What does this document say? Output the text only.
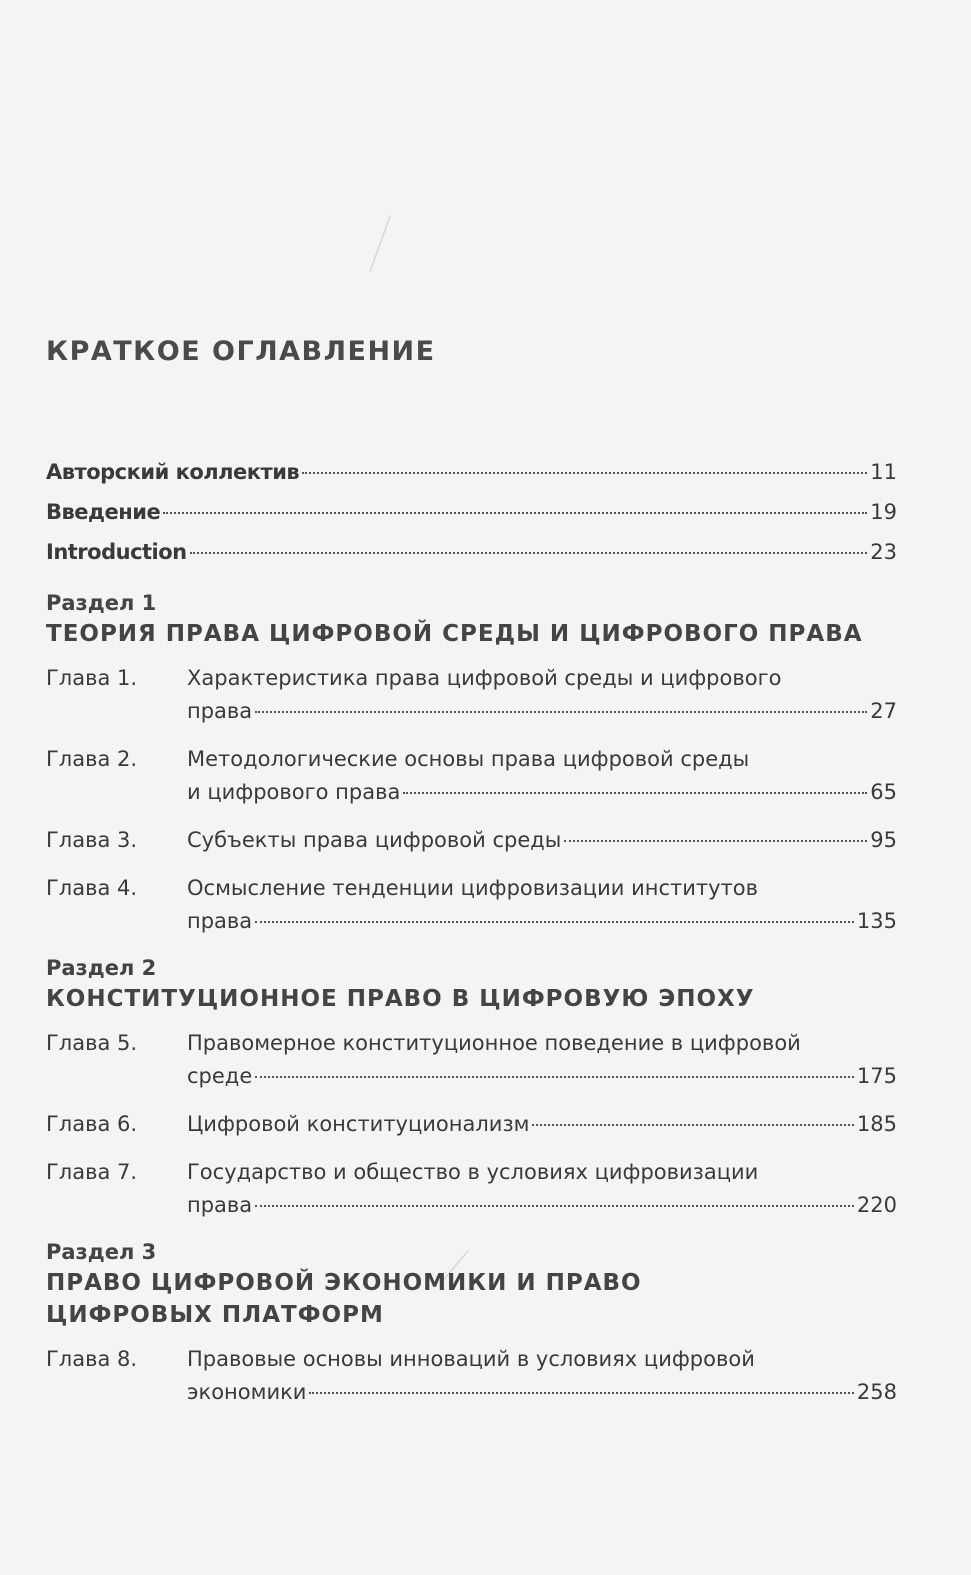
КРАТКОЕ ОГЛАВЛЕНИЕ
Авторский коллектив	11
Введение	19
Introduction	23
Раздел 1
ТЕОРИЯ ПРАВА ЦИФРОВОЙ СРЕДЫ И ЦИФРОВОГО ПРАВА
Глава 1.	Характеристика права цифровой среды и цифрового
права	27
Глава 2.	Методологические основы права цифровой среды
и цифрового права	65
Глава 3.	Субъекты права цифровой среды	95
Глава 4.	Осмысление тенденции цифровизации институтов
права	135
Раздел 2
КОНСТИТУЦИОННОЕ ПРАВО В ЦИФРОВУЮ ЭПОХУ
Глава 5.	Правомерное конституционное поведение в цифровой
среде	175
Глава 6.	Цифровой конституционализм	185
Глава 7.	Государство и общество в условиях цифровизации
права	220
Раздел 3
ПРАВО ЦИФРОВОЙ ЭКОНОМИКИ И ПРАВО ЦИФРОВЫХ ПЛАТФОРМ
Глава 8.	Правовые основы инноваций в условиях цифровой
экономики	258
